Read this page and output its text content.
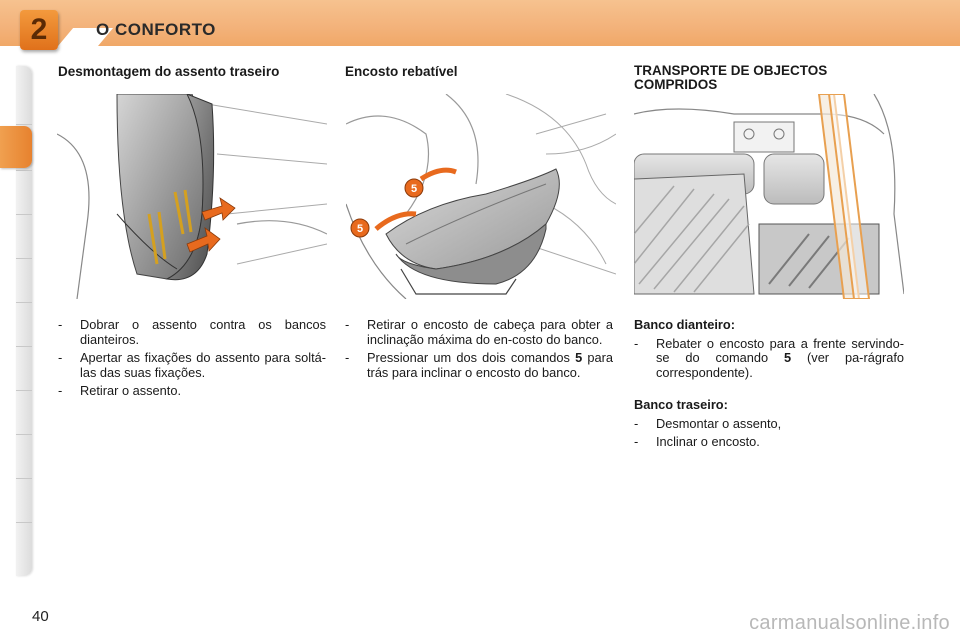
2	O CONFORTO
Desmontagem do assento traseiro
-	Dobrar o assento contra os bancos dianteiros.
-	Apertar as fixações do assento para soltá-las das suas fixações.
-	Retirar o assento.
Encosto rebatível
5
5
-	Retirar o encosto de cabeça para obter a inclinação máxima do en-costo do banco.
-	Pressionar um dos dois comandos 5 para trás para inclinar o encosto do banco.
TRANSPORTE DE OBJECTOS COMPRIDOS
Banco dianteiro:
-	Rebater o encosto para a frente servindo-se do comando 5 (ver pa-rágrafo correspondente).
Banco traseiro:
-	Desmontar o assento,
-	Inclinar o encosto.
40	carmanualsonline.info
